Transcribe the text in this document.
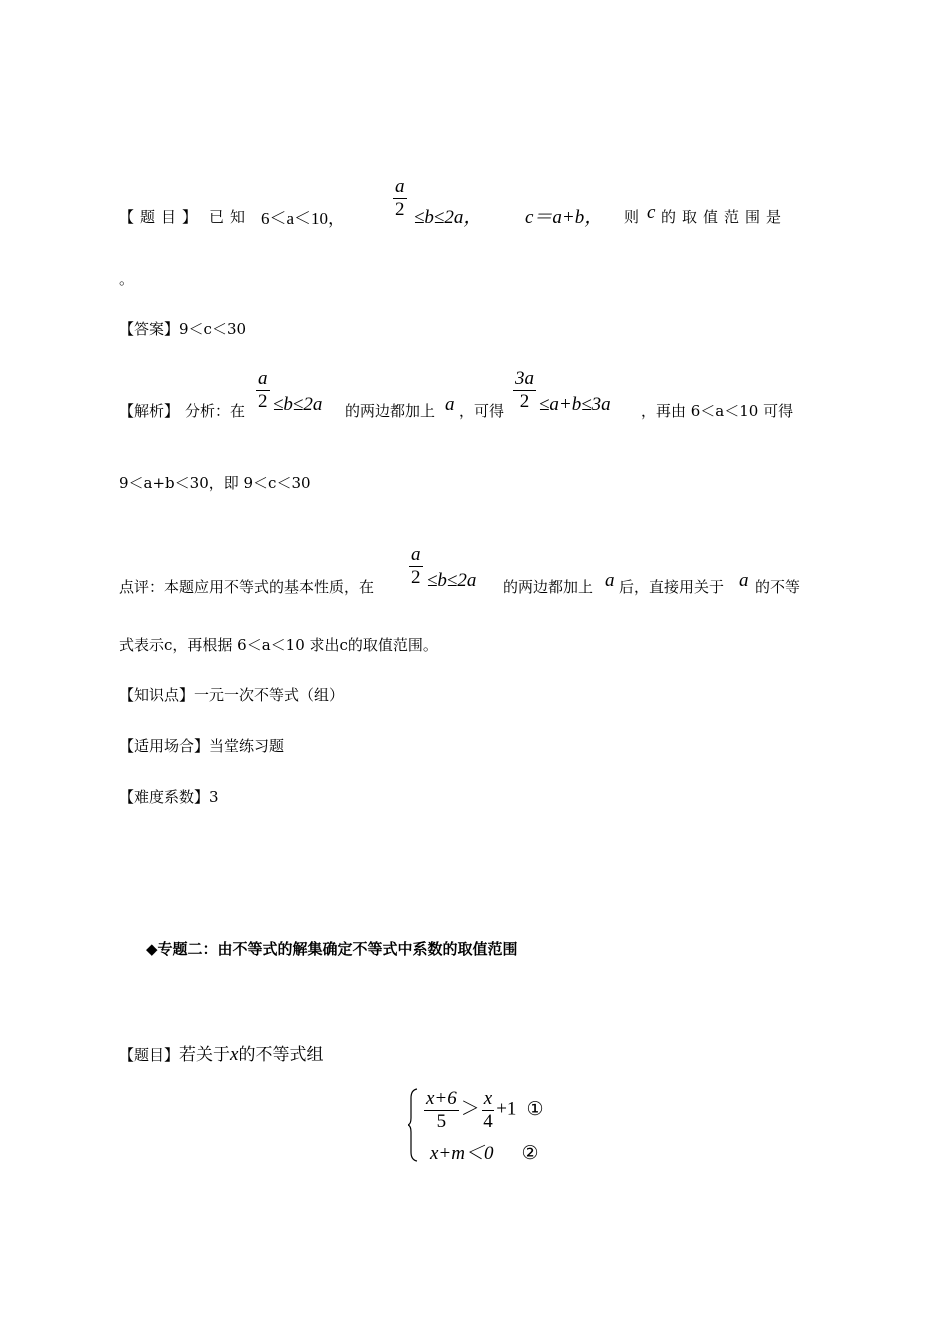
【题目】 已知 6＜a＜10，
a
2 ≤b≤2a， c＝a+b， 则 c 的取值范围是
。
【答案】9＜c＜30
【解析】 分析：在
a
2 ≤b≤2a 的两边都加上 a ，可得
3a
2 ≤a+b≤3a ，再由 6＜a＜10 可得
9＜a+b＜30，即 9＜c＜30
点评：本题应用不等式的基本性质，在
a
2 ≤b≤2a 的两边都加上 a 后，直接用关于 a 的不等
式表示c，再根据 6＜a＜10 求出c的取值范围。
【知识点】一元一次不等式（组）
【适用场合】当堂练习题
【难度系数】3
◆专题二：由不等式的解集确定不等式中系数的取值范围
【题目】若关于x的不等式组
$\frac{x+6}{5} > \frac{x}{4} +1$ ①
x+m＜0 ②
